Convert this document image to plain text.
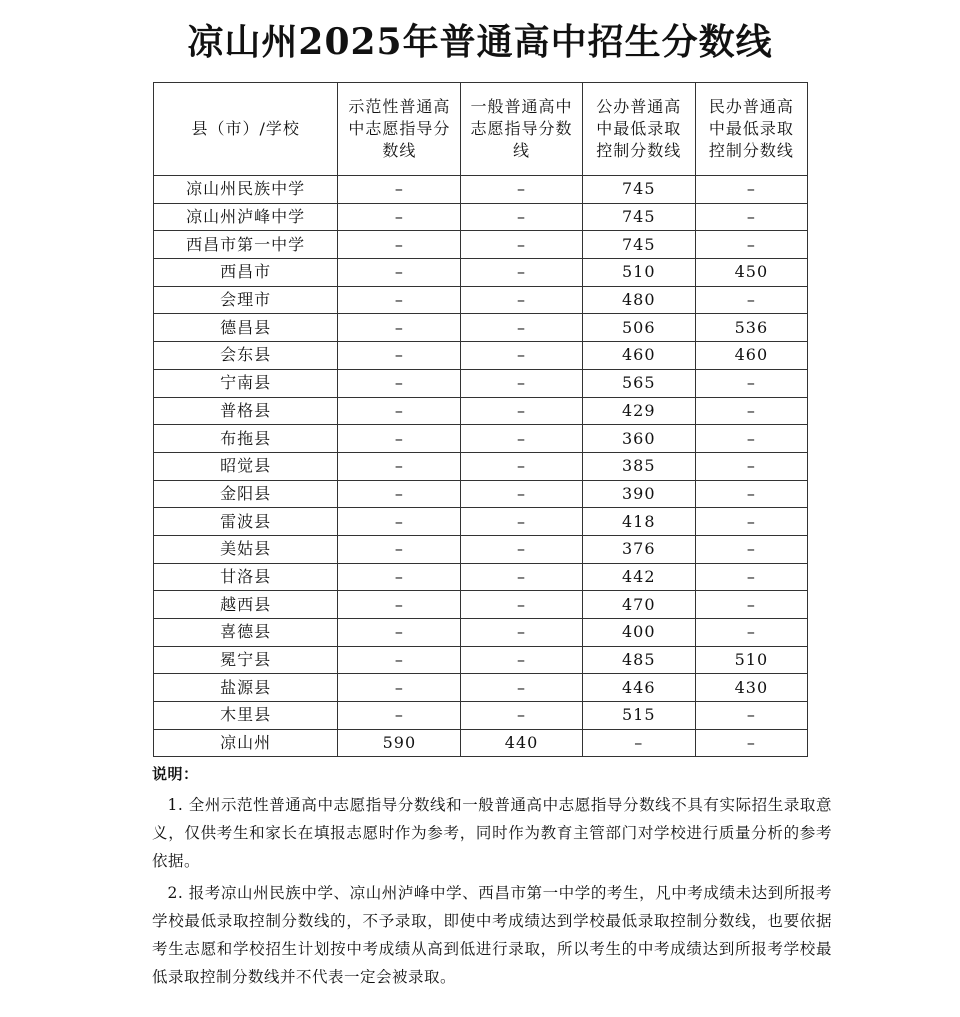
凉山州2025年普通高中招生分数线
县（市）/学校	示范性普通高中志愿指导分数线	一般普通高中志愿指导分数线	公办普通高中最低录取控制分数线	民办普通高中最低录取控制分数线
凉山州民族中学	–	–	745	–
凉山州泸峰中学	–	–	745	–
西昌市第一中学	–	–	745	–
西昌市	–	–	510	450
会理市	–	–	480	–
德昌县	–	–	506	536
会东县	–	–	460	460
宁南县	–	–	565	–
普格县	–	–	429	–
布拖县	–	–	360	–
昭觉县	–	–	385	–
金阳县	–	–	390	–
雷波县	–	–	418	–
美姑县	–	–	376	–
甘洛县	–	–	442	–
越西县	–	–	470	–
喜德县	–	–	400	–
冕宁县	–	–	485	510
盐源县	–	–	446	430
木里县	–	–	515	–
凉山州	590	440	–	–
说明：

1. 全州示范性普通高中志愿指导分数线和一般普通高中志愿指导分数线不具有实际招生录取意义，仅供考生和家长在填报志愿时作为参考，同时作为教育主管部门对学校进行质量分析的参考依据。

2. 报考凉山州民族中学、凉山州泸峰中学、西昌市第一中学的考生，凡中考成绩未达到所报考学校最低录取控制分数线的，不予录取，即使中考成绩达到学校最低录取控制分数线，也要依据考生志愿和学校招生计划按中考成绩从高到低进行录取，所以考生的中考成绩达到所报考学校最低录取控制分数线并不代表一定会被录取。
